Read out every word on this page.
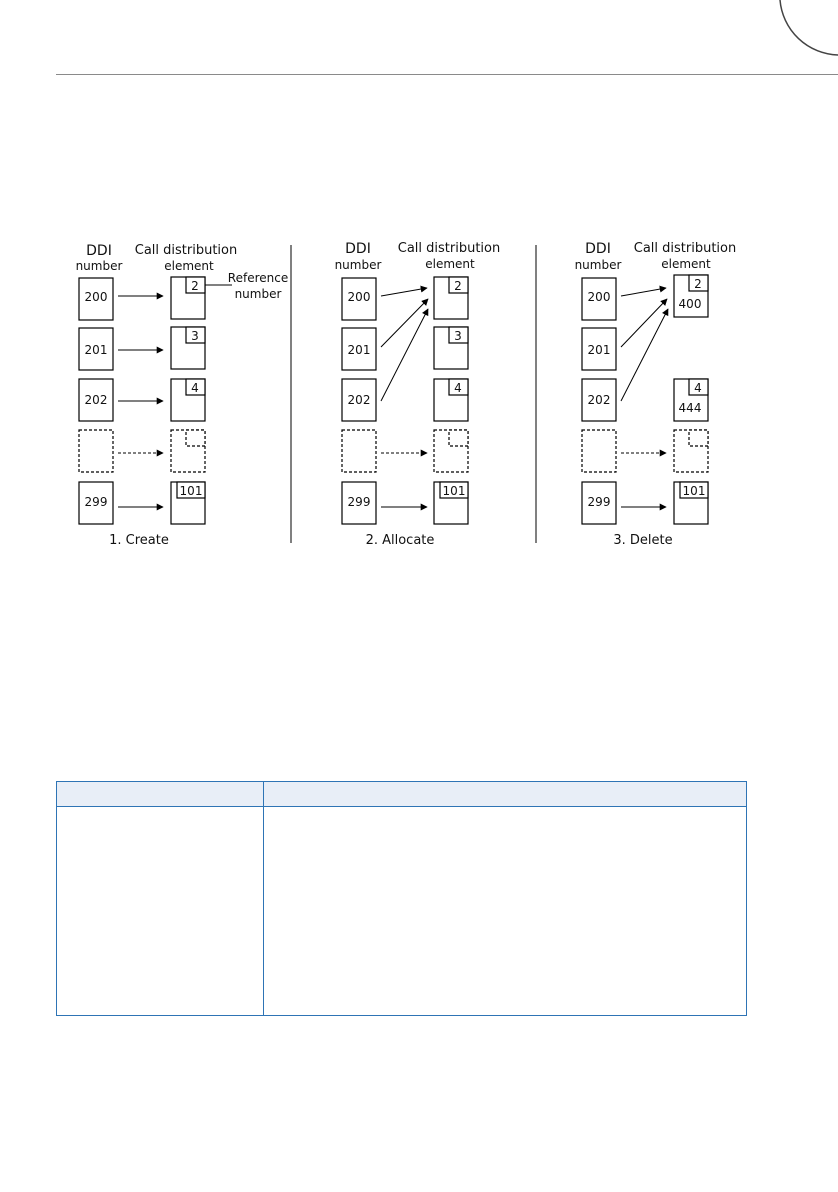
DDI
number
Call distribution
element
Reference
number
200
201
202
299
2
3
4
101
1. Create
DDI
number
Call distribution
element
200
201
202
299
2
3
4
101
2. Allocate
DDI
number
Call distribution
element
200
201
202
299
2
400
4
444
101
3. Delete
